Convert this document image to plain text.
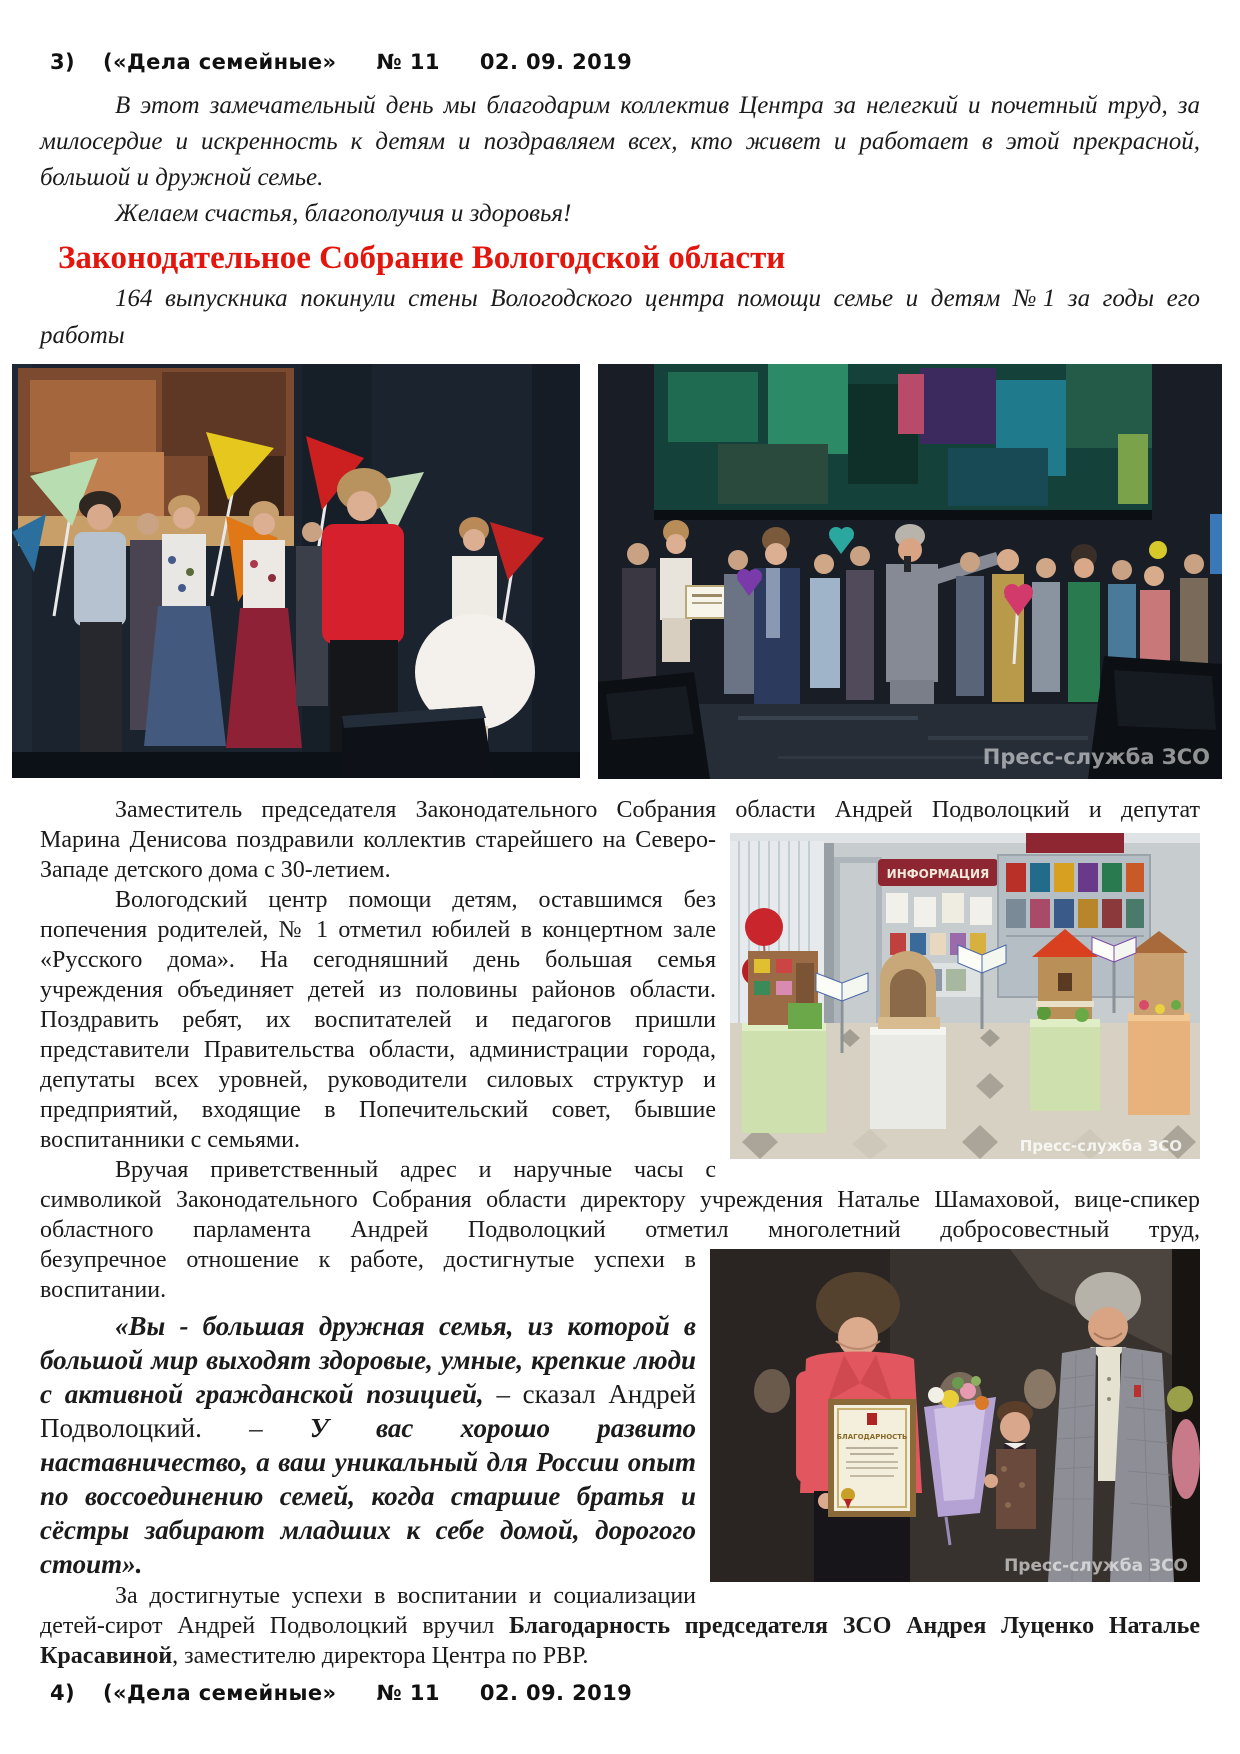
3) («Дела семейные» № 11 02. 09. 2019

В этот замечательный день мы благодарим коллектив Центра за нелегкий и почетный труд, за милосердие и искренность к детям и поздравляем всех, кто живет и работает в этой прекрасной, большой и дружной семье.

Желаем счастья, благополучия и здоровья!

Законодательное Собрание Вологодской области

164 выпускника покинули стены Вологодского центра помощи семье и детям №1 за годы его работы

Пресс-служба ЗСО

Заместитель председателя Законодательного Собрания области Андрей Подволоцкий и депутат

ИНФОРМАЦИЯ
Пресс-служба ЗСО
Марина Денисова поздравили коллектив старейшего на Северо-Западе детского дома с 30-летием.

Вологодский центр помощи детям, оставшимся без попечения родителей, № 1 отметил юбилей в концертном зале «Русского дома». На сегодняшний день большая семья учреждения объединяет детей из половины районов области. Поздравить ребят, их воспитателей и педагогов пришли представители Правительства области, администрации города, депутаты всех уровней, руководители силовых структур и предприятий, входящие в Попечительский совет, бывшие воспитанники с семьями.

Вручая приветственный адрес и наручные часы с символикой Законодательного Собрания области директору учреждения Наталье Шамаховой, вице-спикер областного парламента Андрей Подволоцкий отметил многолетний добросовестный труд,

БЛАГОДАРНОСТЬ
Пресс-служба ЗСО
безупречное отношение к работе, достигнутые успехи в воспитании.

«Вы - большая дружная семья, из которой в большой мир выходят здоровые, умные, крепкие люди с активной гражданской позицией, – сказал Андрей Подволоцкий. – У вас хорошо развито наставничество, а ваш уникальный для России опыт по воссоединению семей, когда старшие братья и сёстры забирают младших к себе домой, дорогого стоит».

За достигнутые успехи в воспитании и социализации детей-сирот Андрей Подволоцкий вручил Благодарность председателя ЗСО Андрея Луценко Наталье Красавиной, заместителю директора Центра по РВР.

4) («Дела семейные» № 11 02. 09. 2019
